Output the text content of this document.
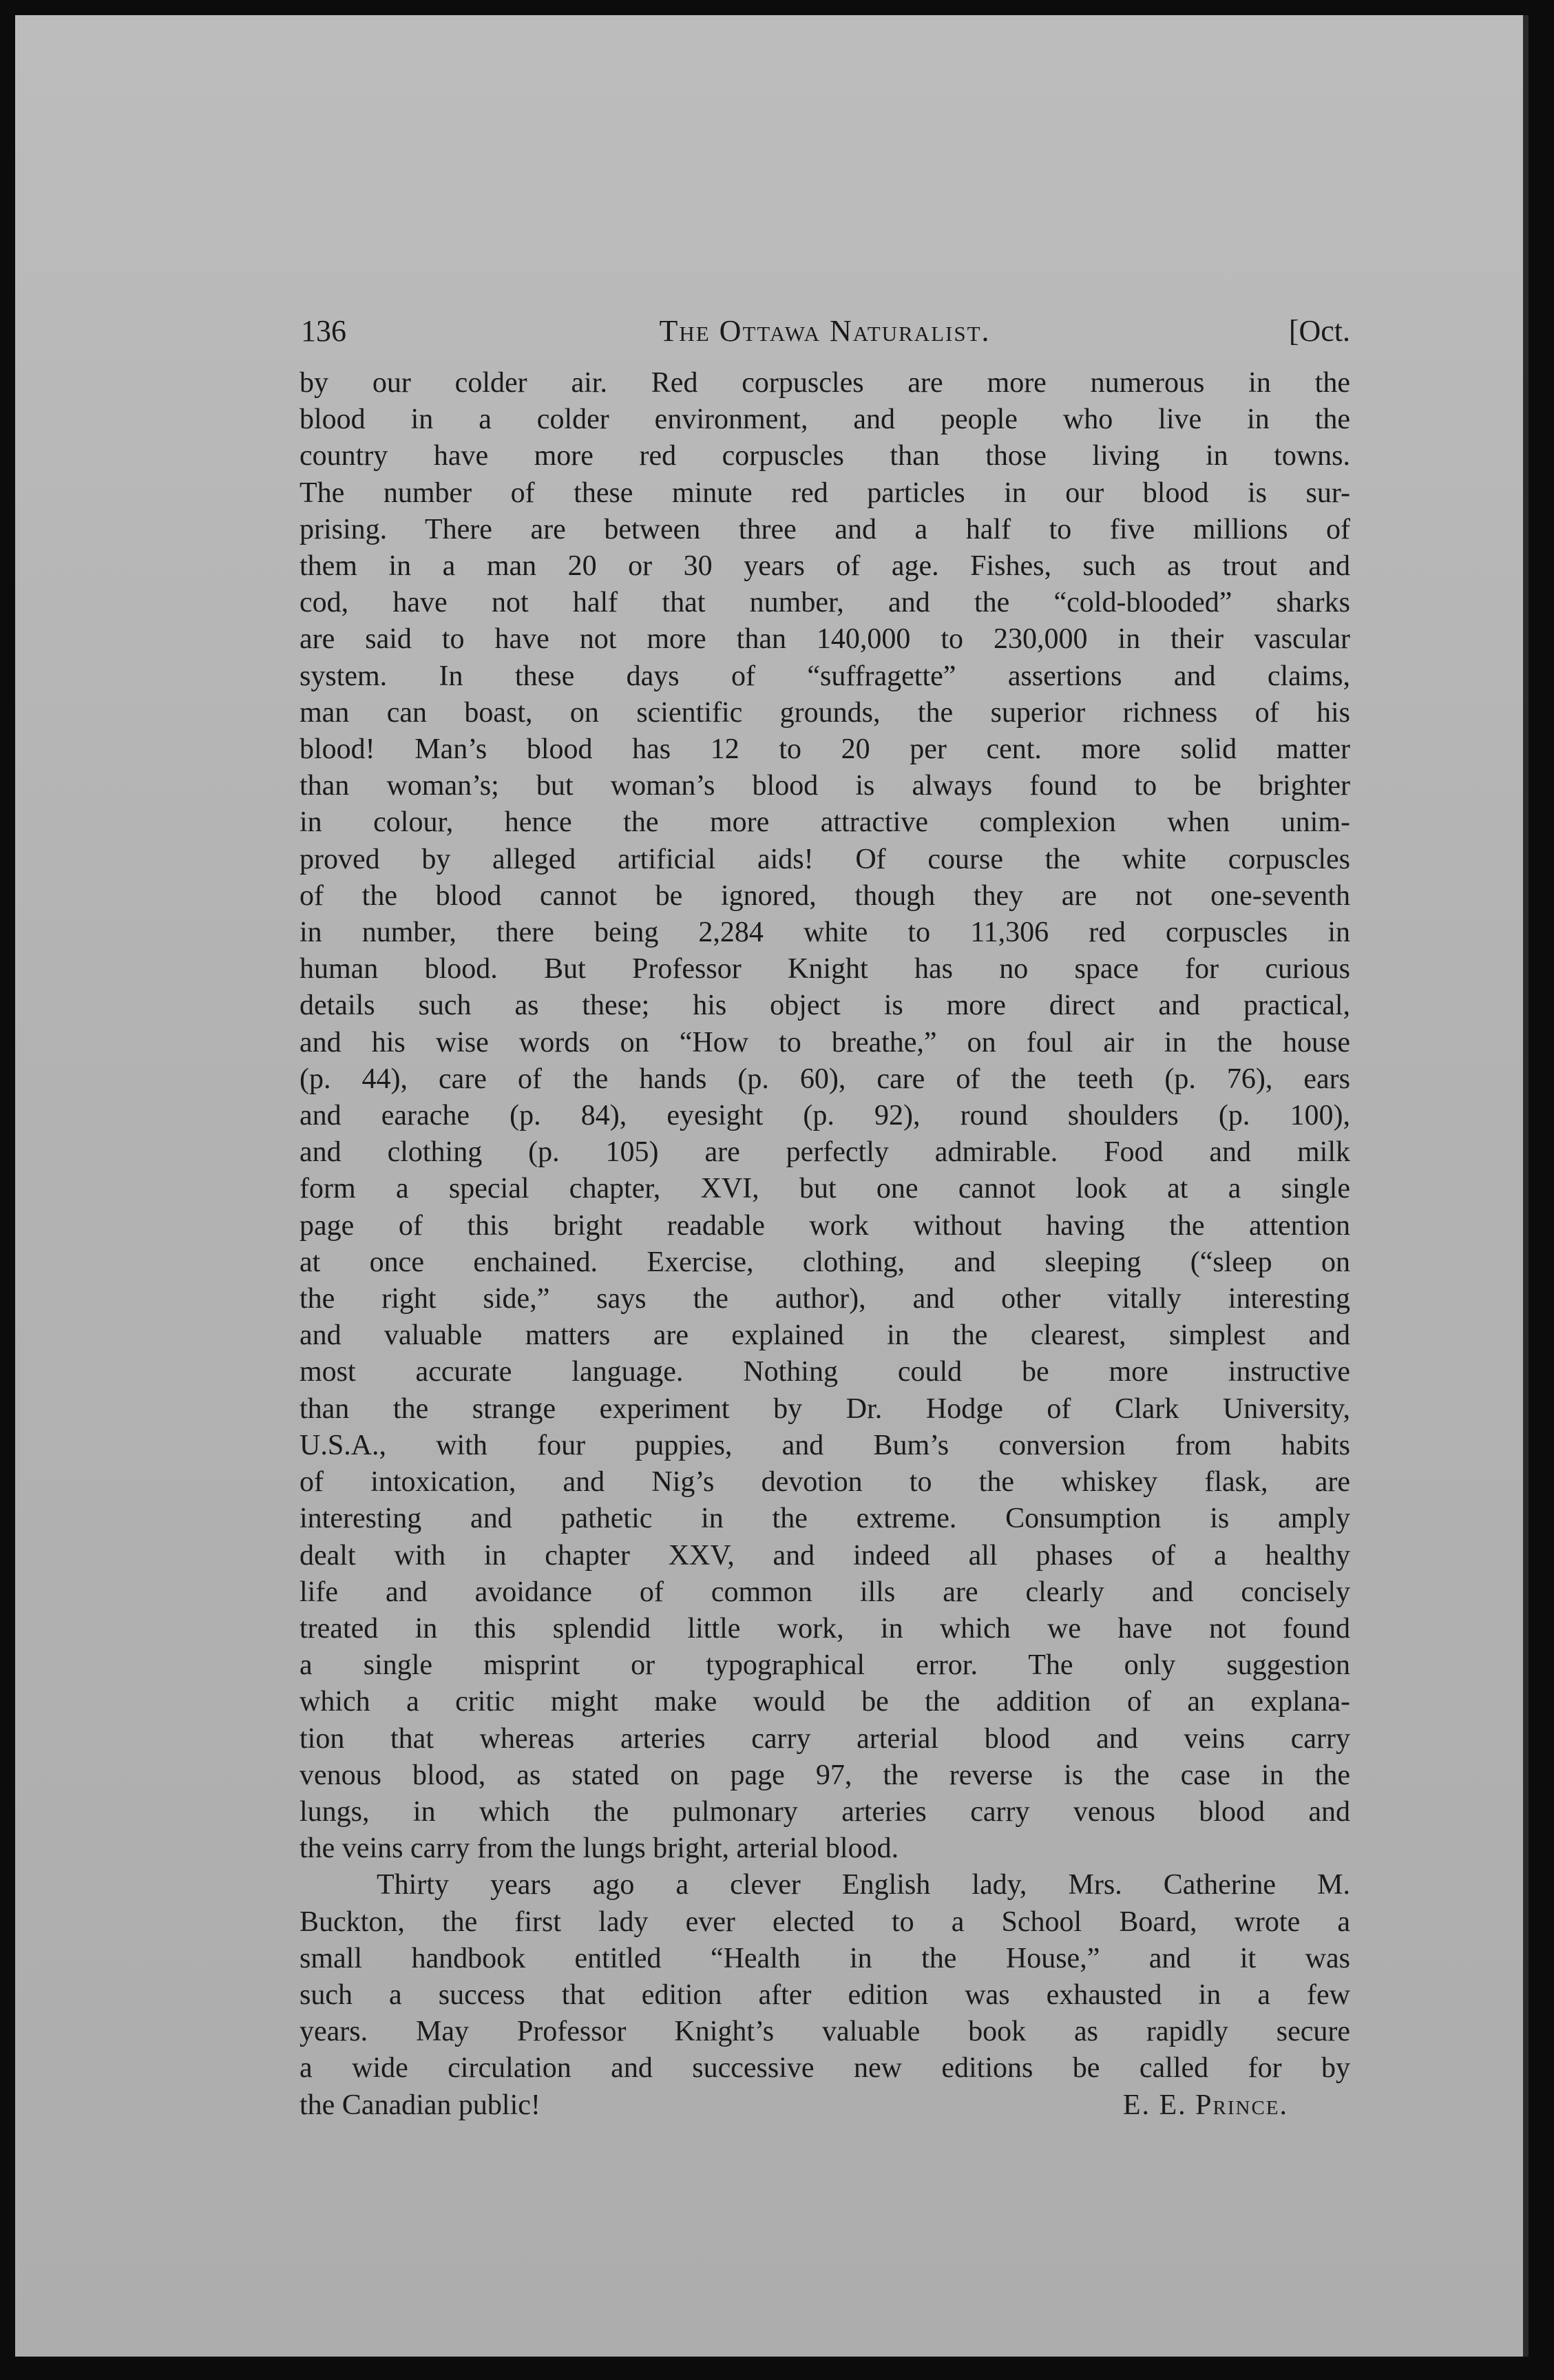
136	The Ottawa Naturalist.	[Oct.
by our colder air. Red corpuscles are more numerous in the
blood in a colder environment, and people who live in the
country have more red corpuscles than those living in towns.
The number of these minute red particles in our blood is sur-
prising. There are between three and a half to five millions of
them in a man 20 or 30 years of age. Fishes, such as trout and
cod, have not half that number, and the “cold-blooded” sharks
are said to have not more than 140,000 to 230,000 in their vascular
system. In these days of “suffragette” assertions and claims,
man can boast, on scientific grounds, the superior richness of his
blood! Man’s blood has 12 to 20 per cent. more solid matter
than woman’s; but woman’s blood is always found to be brighter
in colour, hence the more attractive complexion when unim-
proved by alleged artificial aids! Of course the white corpuscles
of the blood cannot be ignored, though they are not one-seventh
in number, there being 2,284 white to 11,306 red corpuscles in
human blood. But Professor Knight has no space for curious
details such as these; his object is more direct and practical,
and his wise words on “How to breathe,” on foul air in the house
(p. 44), care of the hands (p. 60), care of the teeth (p. 76), ears
and earache (p. 84), eyesight (p. 92), round shoulders (p. 100),
and clothing (p. 105) are perfectly admirable. Food and milk
form a special chapter, XVI, but one cannot look at a single
page of this bright readable work without having the attention
at once enchained. Exercise, clothing, and sleeping (“sleep on
the right side,” says the author), and other vitally interesting
and valuable matters are explained in the clearest, simplest and
most accurate language. Nothing could be more instructive
than the strange experiment by Dr. Hodge of Clark University,
U.S.A., with four puppies, and Bum’s conversion from habits
of intoxication, and Nig’s devotion to the whiskey flask, are
interesting and pathetic in the extreme. Consumption is amply
dealt with in chapter XXV, and indeed all phases of a healthy
life and avoidance of common ills are clearly and concisely
treated in this splendid little work, in which we have not found
a single misprint or typographical error. The only suggestion
which a critic might make would be the addition of an explana-
tion that whereas arteries carry arterial blood and veins carry
venous blood, as stated on page 97, the reverse is the case in the
lungs, in which the pulmonary arteries carry venous blood and
the veins carry from the lungs bright, arterial blood.
Thirty years ago a clever English lady, Mrs. Catherine M.
Buckton, the first lady ever elected to a School Board, wrote a
small handbook entitled “Health in the House,” and it was
such a success that edition after edition was exhausted in a few
years. May Professor Knight’s valuable book as rapidly secure
a wide circulation and successive new editions be called for by
the Canadian public!	E. E. Prince.
